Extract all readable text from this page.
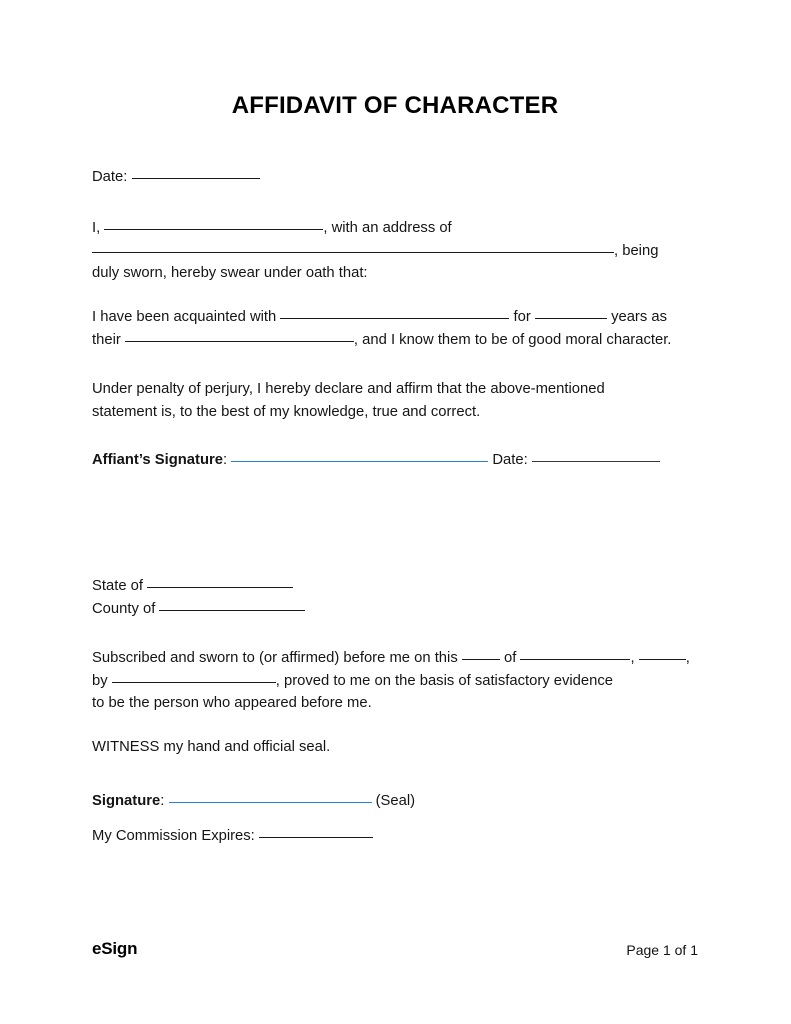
AFFIDAVIT OF CHARACTER
Date:
I,	, with an address of
, being
duly sworn, hereby swear under oath that:
I have been acquainted with	for	years as
their	, and I know them to be of good moral character.
Under penalty of perjury, I hereby declare and affirm that the above-mentioned
statement is, to the best of my knowledge, true and correct.
Affiant’s Signature:	Date:
State of
County of
Subscribed and sworn to (or affirmed) before me on this	of	,	,
by	, proved to me on the basis of satisfactory evidence
to be the person who appeared before me.
WITNESS my hand and official seal.
Signature:	(Seal)
My Commission Expires:
eSign	Page 1 of 1
